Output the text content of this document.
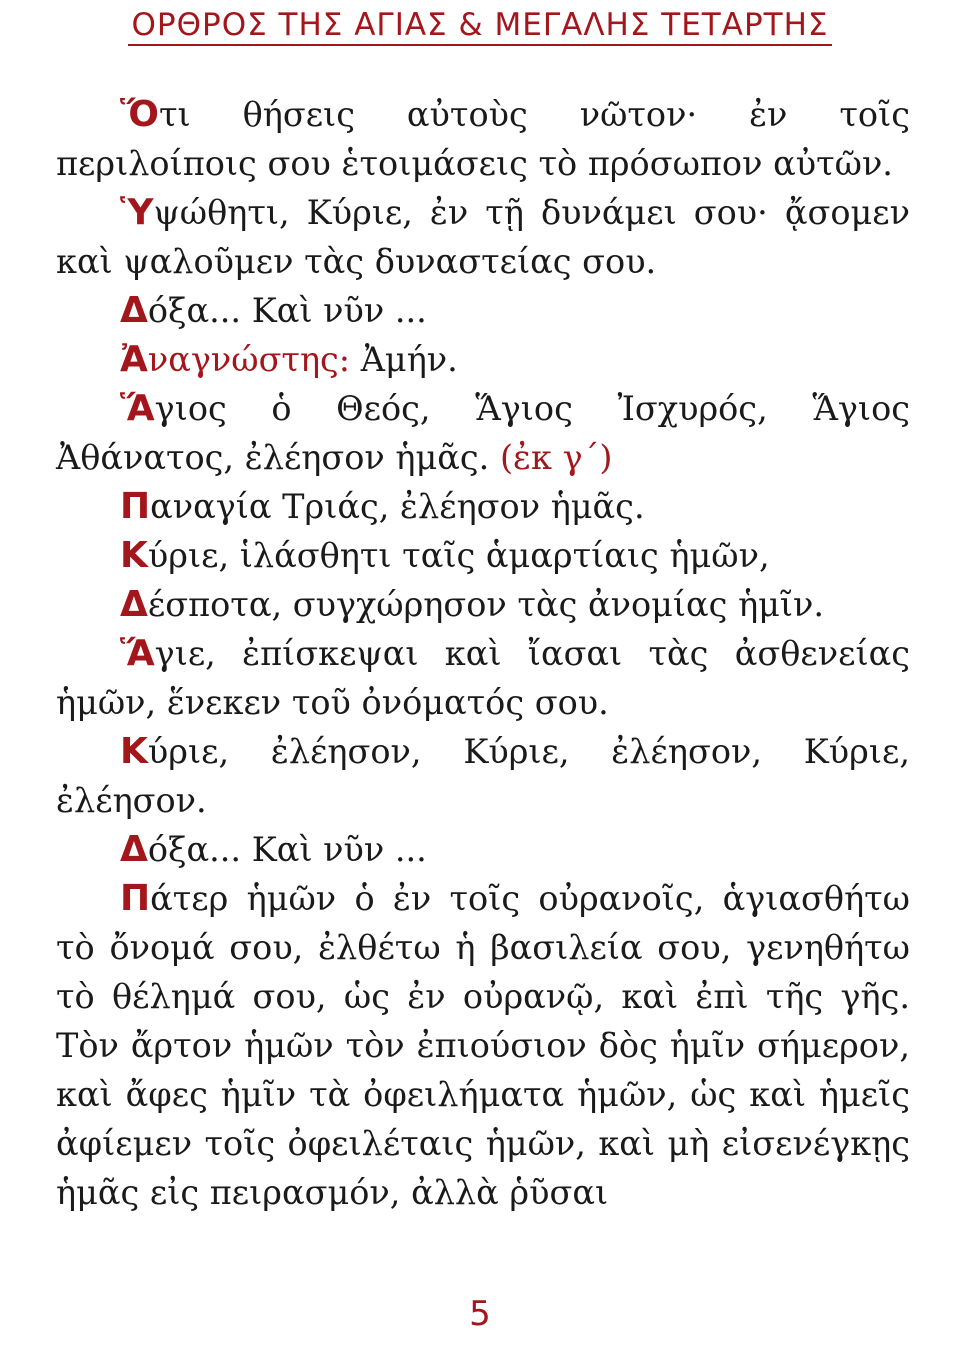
ΟΡΘΡΟΣ ΤΗΣ ΑΓΙΑΣ & ΜΕΓΑΛΗΣ ΤΕΤΑΡΤΗΣ

Ὅτι θήσεις αὐτοὺς νῶτον· ἐν τοῖς περιλοίποις σου ἑτοιμάσεις τὸ πρόσωπον αὐτῶν.

Ὑψώθητι, Κύριε, ἐν τῇ δυνάμει σου· ᾄσομεν καὶ ψαλοῦμεν τὰς δυναστείας σου.

Δόξα... Καὶ νῦν ...

Ἀναγνώστης: Ἀμήν.

Ἅγιος ὁ Θεός, Ἅγιος Ἰσχυρός, Ἅγιος Ἀθάνατος, ἐλέησον ἡμᾶς. (ἐκ γ΄)

Παναγία Τριάς, ἐλέησον ἡμᾶς.

Κύριε, ἱλάσθητι ταῖς ἁμαρτίαις ἡμῶν,

Δέσποτα, συγχώρησον τὰς ἀνομίας ἡμῖν.

Ἅγιε, ἐπίσκεψαι καὶ ἴασαι τὰς ἀσθενείας ἡμῶν, ἕνεκεν τοῦ ὀνόματός σου.

Κύριε, ἐλέησον, Κύριε, ἐλέησον, Κύριε, ἐλέησον.

Δόξα... Καὶ νῦν ...

Πάτερ ἡμῶν ὁ ἐν τοῖς οὐρανοῖς, ἁγιασθήτω τὸ ὄνομά σου, ἐλθέτω ἡ βασιλεία σου, γενηθήτω τὸ θέλημά σου, ὡς ἐν οὐρανῷ, καὶ ἐπὶ τῆς γῆς. Τὸν ἄρτον ἡμῶν τὸν ἐπιούσιον δὸς ἡμῖν σήμερον, καὶ ἄφες ἡμῖν τὰ ὀφειλήματα ἡμῶν, ὡς καὶ ἡμεῖς ἀφίεμεν τοῖς ὀφειλέταις ἡμῶν, καὶ μὴ εἰσενέγκῃς ἡμᾶς εἰς πειρασμόν, ἀλλὰ ῥῦσαι

5
